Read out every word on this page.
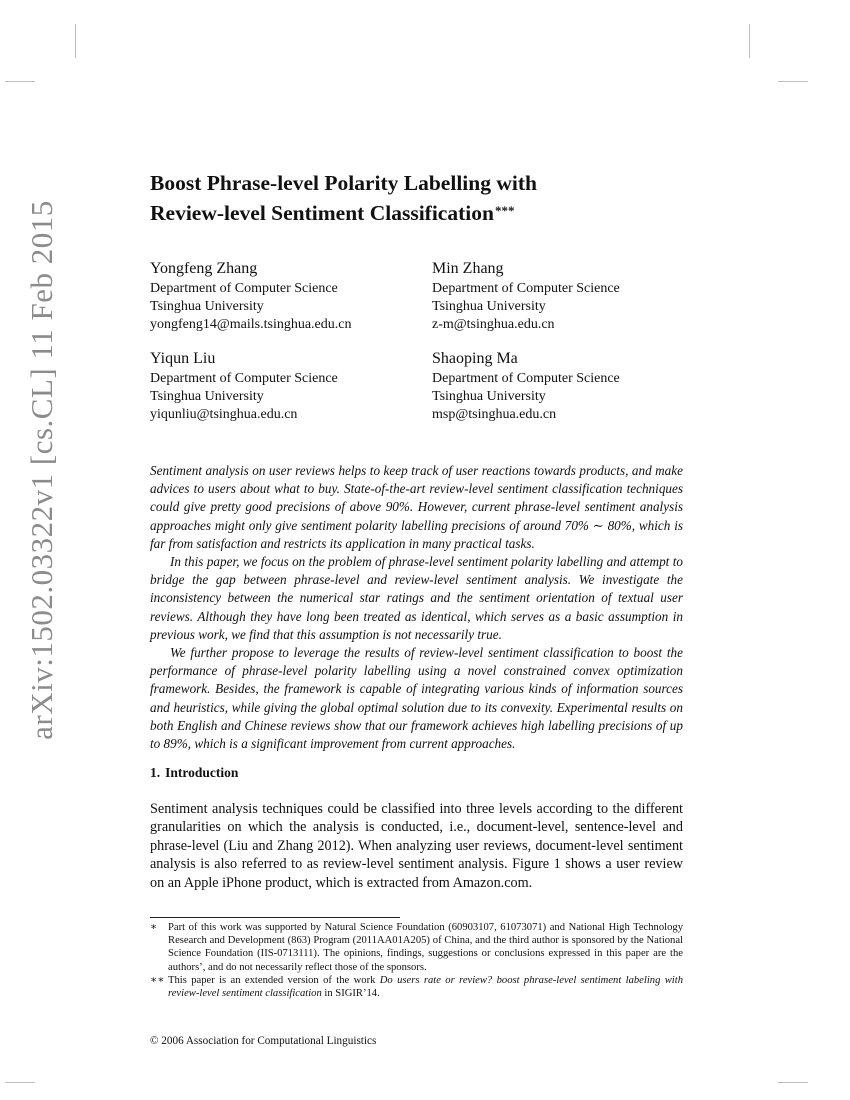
arXiv:1502.03322v1 [cs.CL] 11 Feb 2015
Boost Phrase-level Polarity Labelling with
Review-level Sentiment Classification***
Yongfeng Zhang
Department of Computer Science
Tsinghua University
yongfeng14@mails.tsinghua.edu.cn
Min Zhang
Department of Computer Science
Tsinghua University
z-m@tsinghua.edu.cn
Yiqun Liu
Department of Computer Science
Tsinghua University
yiqunliu@tsinghua.edu.cn
Shaoping Ma
Department of Computer Science
Tsinghua University
msp@tsinghua.edu.cn

Sentiment analysis on user reviews helps to keep track of user reactions towards products, and make advices to users about what to buy. State-of-the-art review-level sentiment classification techniques could give pretty good precisions of above 90%. However, current phrase-level sentiment analysis approaches might only give sentiment polarity labelling precisions of around 70% ∼ 80%, which is far from satisfaction and restricts its application in many practical tasks.

In this paper, we focus on the problem of phrase-level sentiment polarity labelling and attempt to bridge the gap between phrase-level and review-level sentiment analysis. We investigate the inconsistency between the numerical star ratings and the sentiment orientation of textual user reviews. Although they have long been treated as identical, which serves as a basic assumption in previous work, we find that this assumption is not necessarily true.

We further propose to leverage the results of review-level sentiment classification to boost the performance of phrase-level polarity labelling using a novel constrained convex optimization framework. Besides, the framework is capable of integrating various kinds of information sources and heuristics, while giving the global optimal solution due to its convexity. Experimental results on both English and Chinese reviews show that our framework achieves high labelling precisions of up to 89%, which is a significant improvement from current approaches.

1. Introduction

Sentiment analysis techniques could be classified into three levels according to the different granularities on which the analysis is conducted, i.e., document-level, sentence-level and phrase-level (Liu and Zhang 2012). When analyzing user reviews, document-level sentiment analysis is also referred to as review-level sentiment analysis. Figure 1 shows a user review on an Apple iPhone product, which is extracted from Amazon.com.

∗ Part of this work was supported by Natural Science Foundation (60903107, 61073071) and National High Technology Research and Development (863) Program (2011AA01A205) of China, and the third author is sponsored by the National Science Foundation (IIS-0713111). The opinions, findings, suggestions or conclusions expressed in this paper are the authors’, and do not necessarily reflect those of the sponsors.

∗∗ This paper is an extended version of the work Do users rate or review? boost phrase-level sentiment labeling with review-level sentiment classification in SIGIR’14.

© 2006 Association for Computational Linguistics
